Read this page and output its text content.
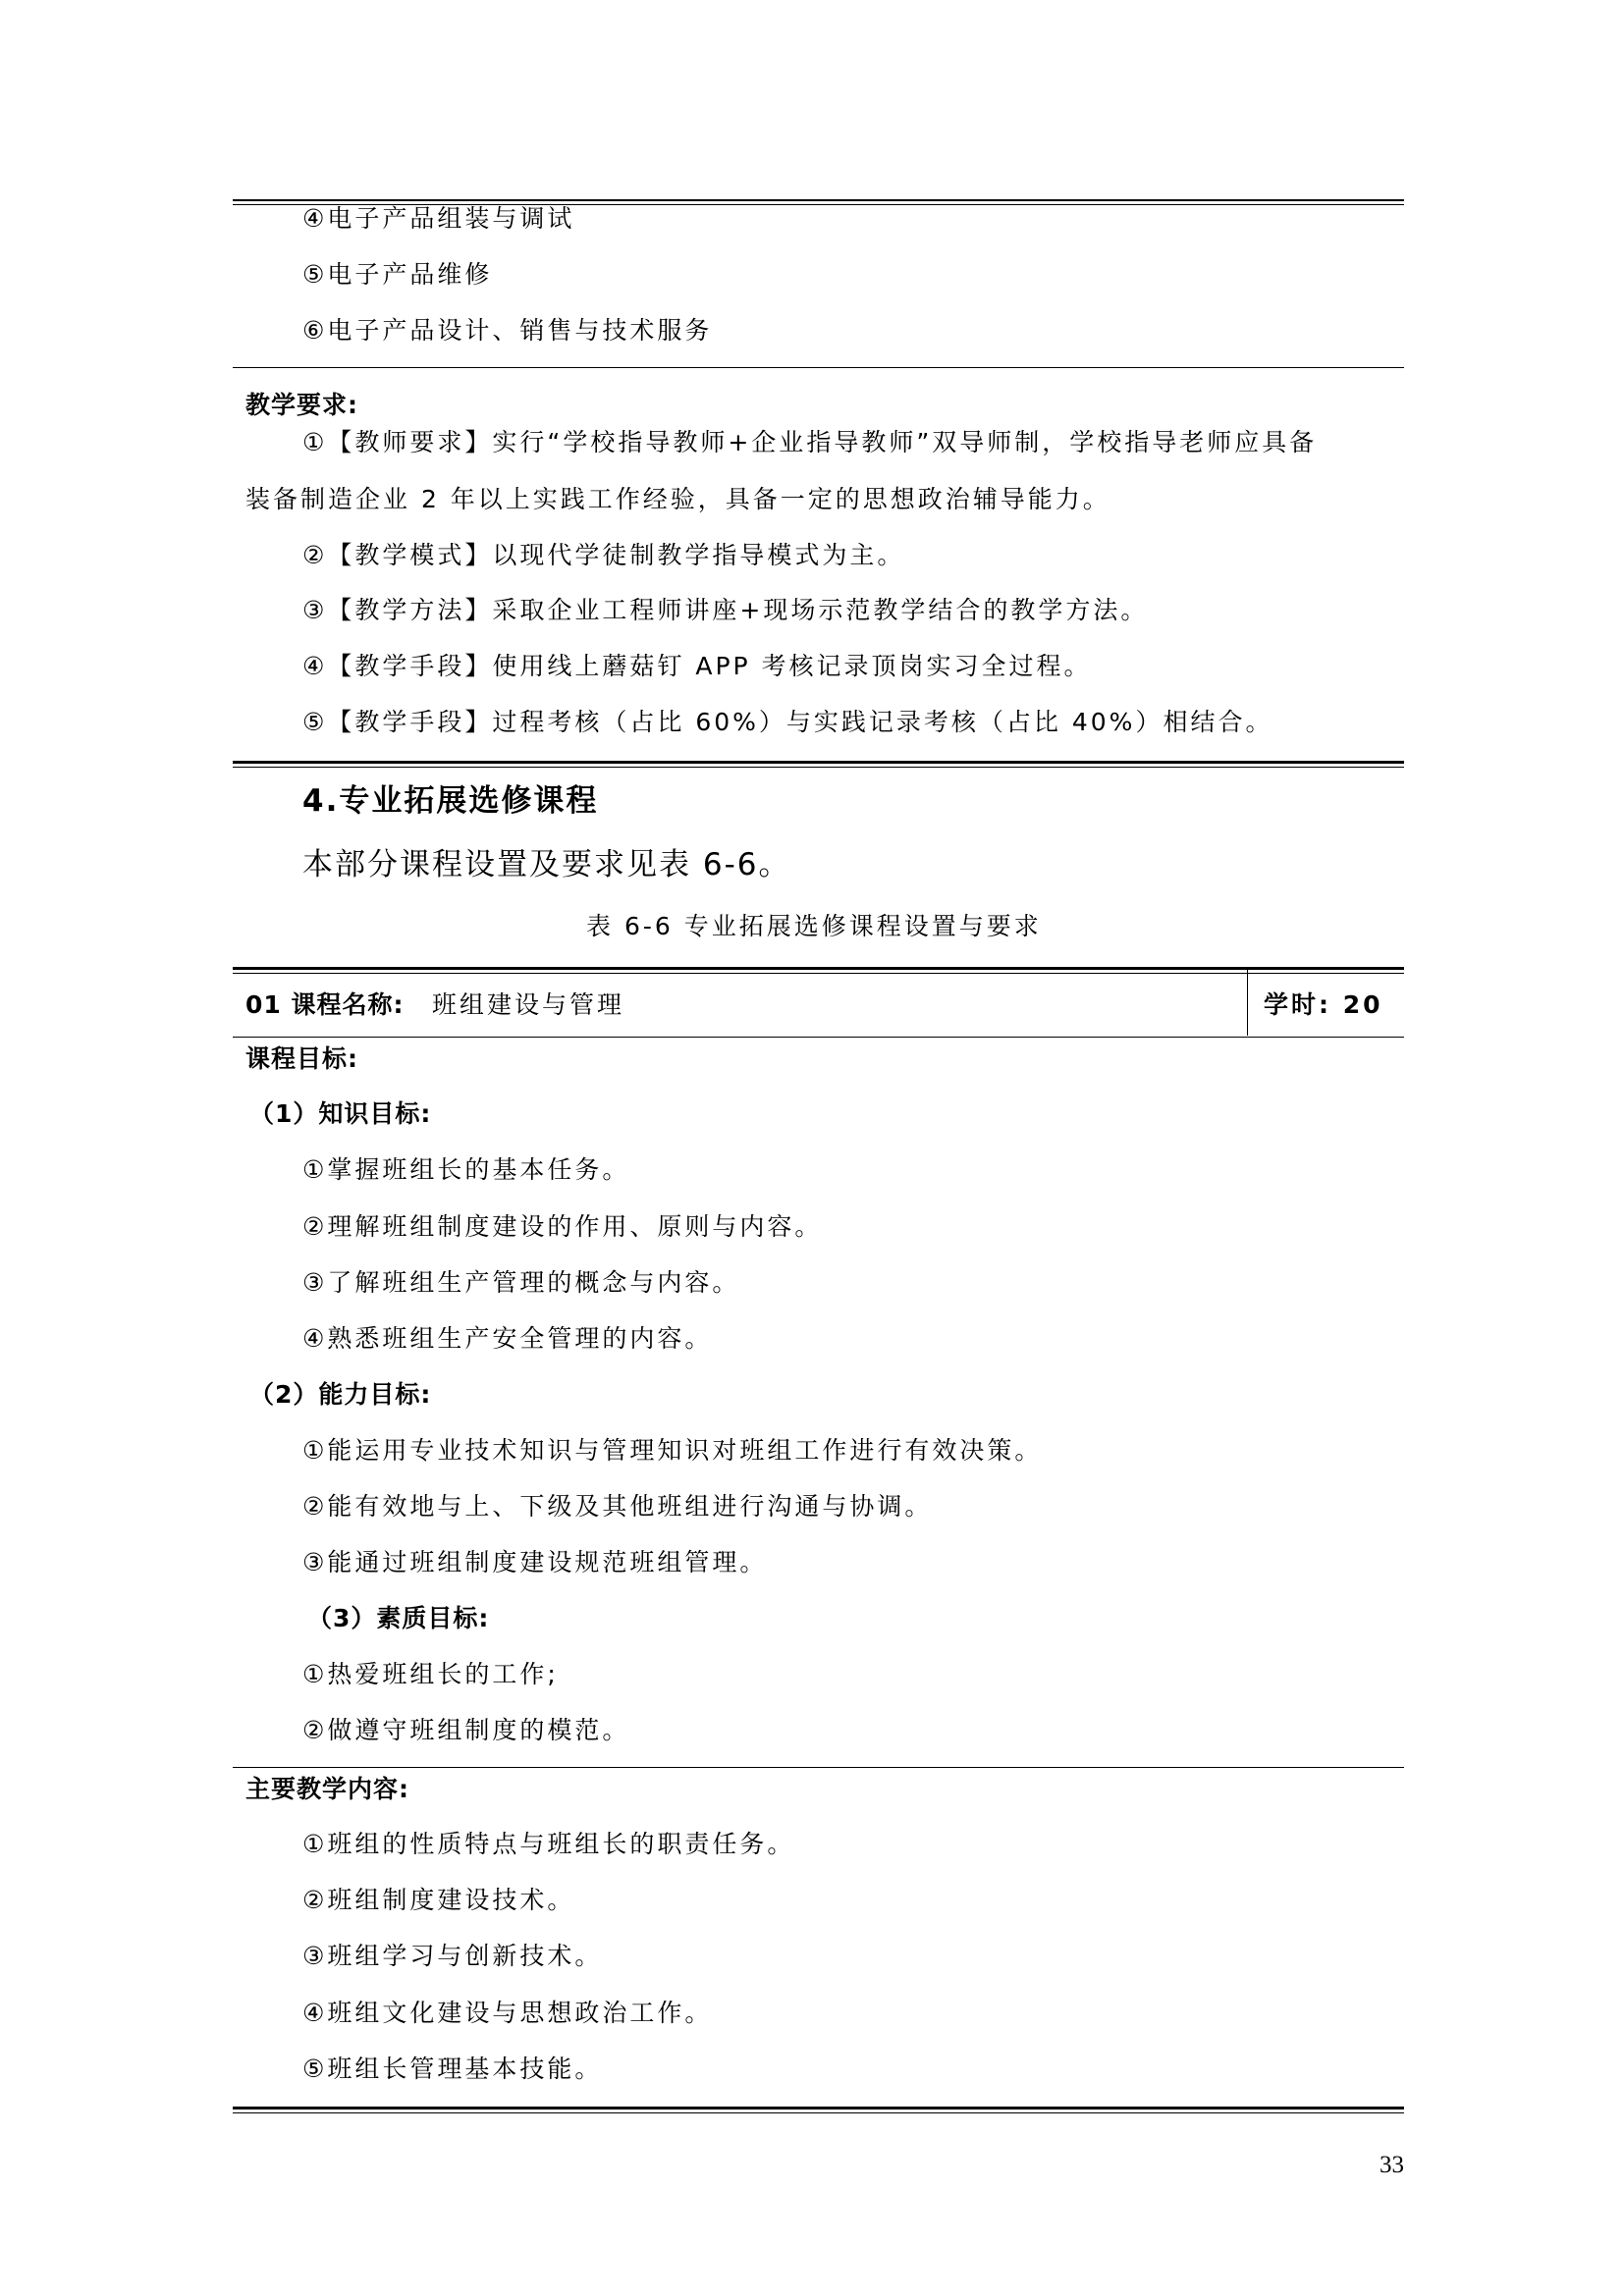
④电子产品组装与调试
⑤电子产品维修
⑥电子产品设计、销售与技术服务
教学要求:
①【教师要求】实行“学校指导教师+企业指导教师”双导师制，学校指导老师应具备
装备制造企业 2 年以上实践工作经验，具备一定的思想政治辅导能力。
②【教学模式】以现代学徒制教学指导模式为主。
③【教学方法】采取企业工程师讲座+现场示范教学结合的教学方法。
④【教学手段】使用线上蘑菇钉 APP 考核记录顶岗实习全过程。
⑤【教学手段】过程考核（占比 60%）与实践记录考核（占比 40%）相结合。
4.专业拓展选修课程
本部分课程设置及要求见表 6-6。
表 6-6 专业拓展选修课程设置与要求
01 课程名称: 班组建设与管理	学时: 20
课程目标:
（1）知识目标:
①掌握班组长的基本任务。
②理解班组制度建设的作用、原则与内容。
③了解班组生产管理的概念与内容。
④熟悉班组生产安全管理的内容。
（2）能力目标:
①能运用专业技术知识与管理知识对班组工作进行有效决策。
②能有效地与上、下级及其他班组进行沟通与协调。
③能通过班组制度建设规范班组管理。
（3）素质目标:
①热爱班组长的工作;
②做遵守班组制度的模范。
主要教学内容:
①班组的性质特点与班组长的职责任务。
②班组制度建设技术。
③班组学习与创新技术。
④班组文化建设与思想政治工作。
⑤班组长管理基本技能。
33
